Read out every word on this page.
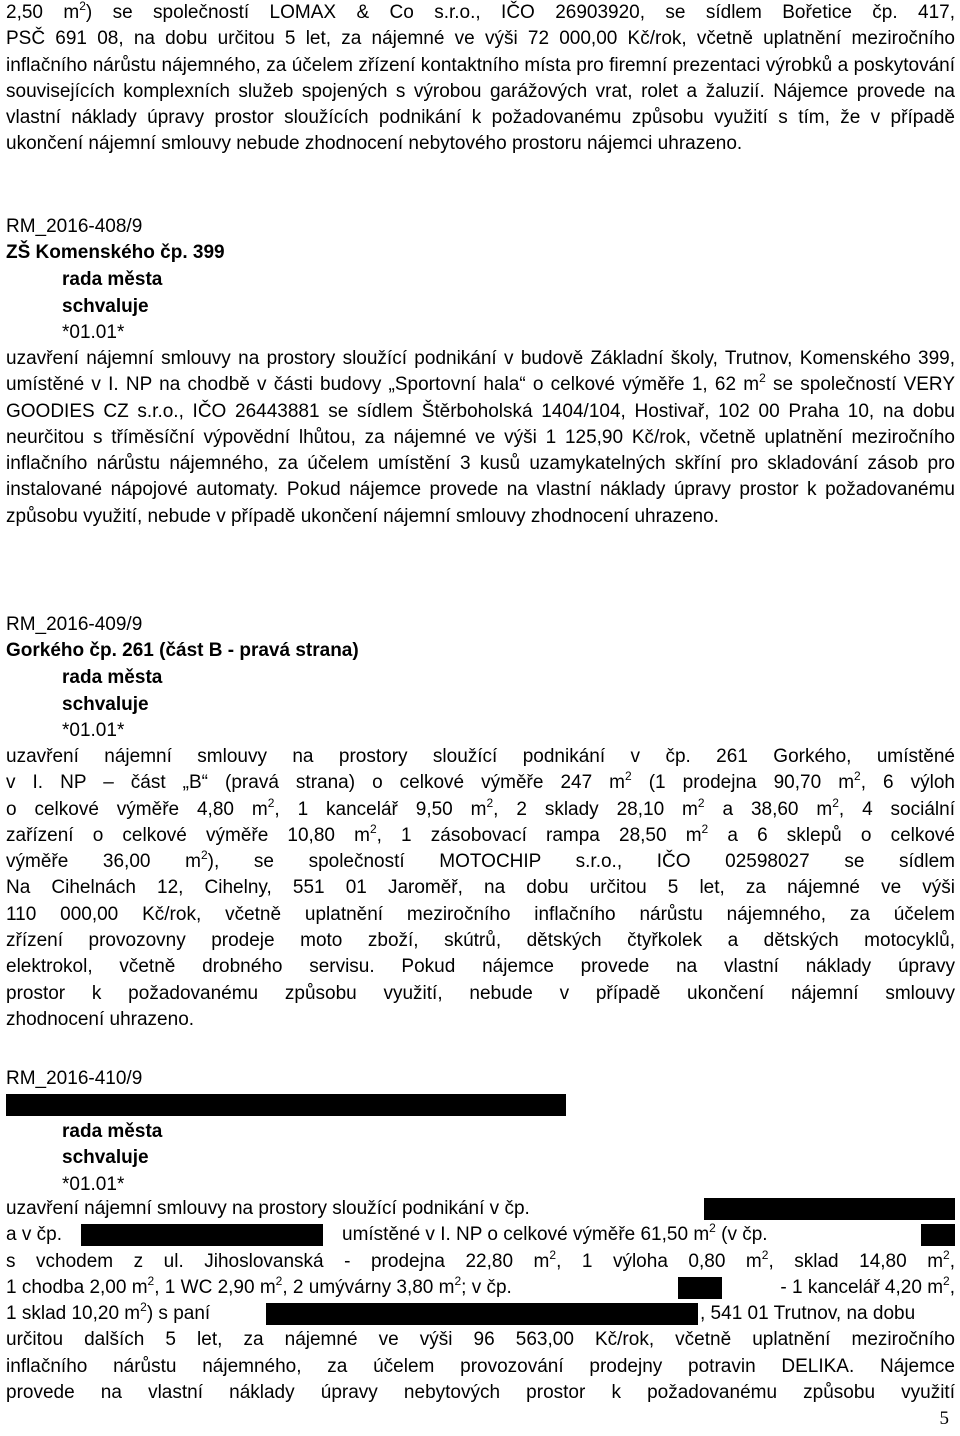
2,50 $m^2$) se společností LOMAX & Co s.r.o., IČO 26903920, se sídlem Bořetice čp. 417,

PSČ 691 08, na dobu určitou 5 let, za nájemné ve výši 72 000,00 Kč/rok, včetně uplatnění meziročního inflačního nárůstu nájemného, za účelem zřízení kontaktního místa pro firemní prezentaci výrobků a poskytování souvisejících komplexních služeb spojených s výrobou garážových vrat, rolet a žaluzií. Nájemce provede na vlastní náklady úpravy prostor sloužících podnikání k požadovanému způsobu využití s tím, že v případě ukončení nájemní smlouvy nebude zhodnocení nebytového prostoru nájemci uhrazeno.

RM_2016-408/9
ZŠ Komenského čp. 399
rada města
schvaluje
*01.01*

uzavření nájemní smlouvy na prostory sloužící podnikání v budově Základní školy, Trutnov, Komenského 399, umístěné v I. NP na chodbě v části budovy „Sportovní hala“ o celkové výměře 1, 62 $m^2$ se společností VERY GOODIES CZ s.r.o., IČO 26443881 se sídlem Štěrboholská 1404/104, Hostivař, 102 00 Praha 10, na dobu neurčitou s tříměsíční výpovědní lhůtou, za nájemné ve výši 1 125,90 Kč/rok, včetně uplatnění meziročního inflačního nárůstu nájemného, za účelem umístění 3 kusů uzamykatelných skříní pro skladování zásob pro instalované nápojové automaty. Pokud nájemce provede na vlastní náklady úpravy prostor k požadovanému způsobu využití, nebude v případě ukončení nájemní smlouvy zhodnocení uhrazeno.

RM_2016-409/9
Gorkého čp. 261 (část B - pravá strana)
rada města
schvaluje
*01.01*
uzavření nájemní smlouvy na prostory sloužící podnikání v čp. 261 Gorkého, umístěné
v I. NP – část „B“ (pravá strana) o celkové výměře 247 $m^2$ (1 prodejna 90,70 $m^2$, 6 výloh
o celkové výměře 4,80 $m^2$, 1 kancelář 9,50 $m^2$, 2 sklady 28,10 $m^2$ a 38,60 $m^2$, 4 sociální
zařízení o celkové výměře 10,80 $m^2$, 1 zásobovací rampa 28,50 $m^2$ a 6 sklepů o celkové
výměře 36,00 $m^2$), se společností MOTOCHIP s.r.o., IČO 02598027 se sídlem
Na Cihelnách 12, Cihelny, 551 01 Jaroměř, na dobu určitou 5 let, za nájemné ve výši
110 000,00 Kč/rok, včetně uplatnění meziročního inflačního nárůstu nájemného, za účelem
zřízení provozovny prodeje moto zboží, skútrů, dětských čtyřkolek a dětských motocyklů,
elektrokol, včetně drobného servisu. Pokud nájemce provede na vlastní náklady úpravy
prostor k požadovanému způsobu využití, nebude v případě ukončení nájemní smlouvy
zhodnocení uhrazeno.
RM_2016-410/9
rada města
schvaluje
*01.01*
uzavření nájemní smlouvy na prostory sloužící podnikání v čp.
a v čp.	umístěné v I. NP o celkové výměře 61,50 $m^2$ (v čp.
s vchodem z ul. Jihoslovanská - prodejna 22,80 $m^2$, 1 výloha 0,80 $m^2$, sklad 14,80 $m^2$,
1 chodba 2,00 $m^2$, 1 WC 2,90 $m^2$, 2 umývárny 3,80 $m^2$; v čp.	- 1 kancelář 4,20 $m^2$,
1 sklad 10,20 $m^2$) s paní	, 541 01 Trutnov, na dobu
určitou dalších 5 let, za nájemné ve výši 96 563,00 Kč/rok, včetně uplatnění meziročního
inflačního nárůstu nájemného, za účelem provozování prodejny potravin DELIKA. Nájemce
provede na vlastní náklady úpravy nebytových prostor k požadovanému způsobu využití
5
